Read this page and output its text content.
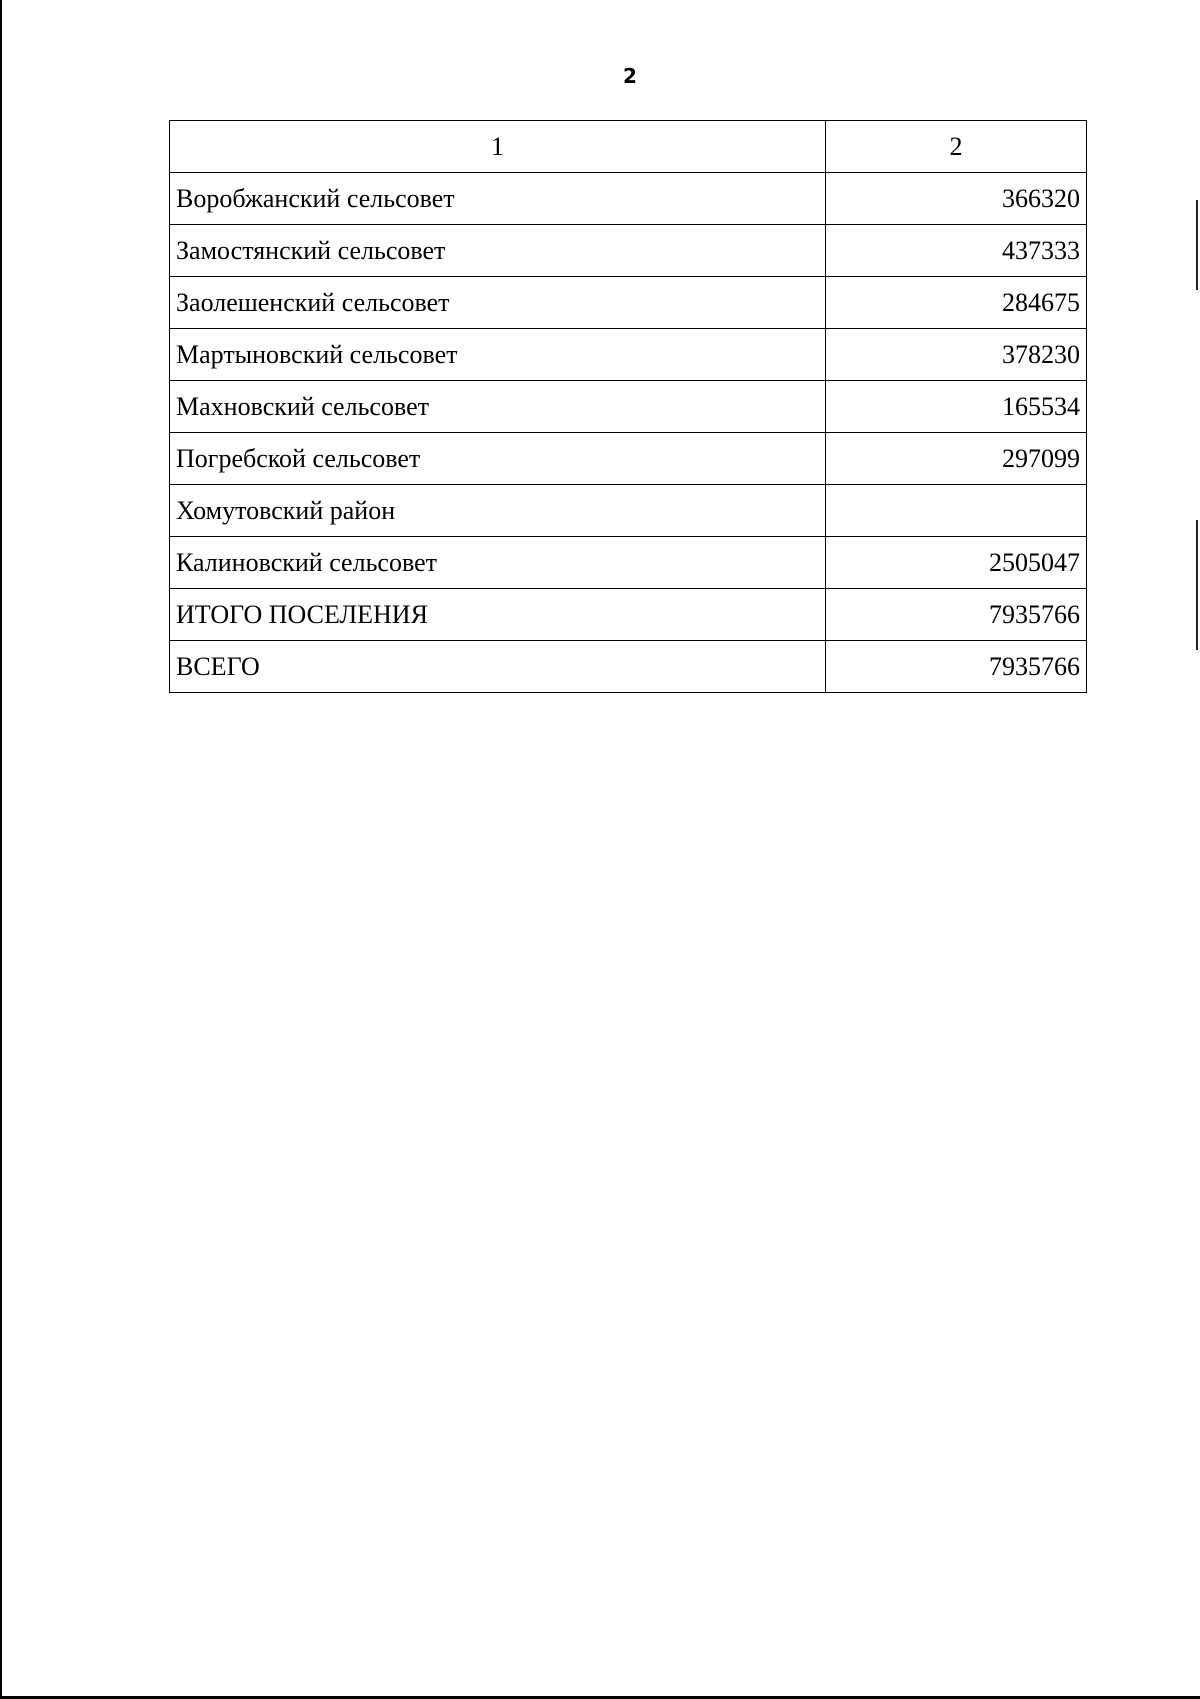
2
1	2
Воробжанский сельсовет	366320
Замостянский сельсовет	437333
Заолешенский сельсовет	284675
Мартыновский сельсовет	378230
Махновский сельсовет	165534
Погребской сельсовет	297099
Хомутовский район	
Калиновский сельсовет	2505047
ИТОГО ПОСЕЛЕНИЯ	7935766
ВСЕГО	7935766
